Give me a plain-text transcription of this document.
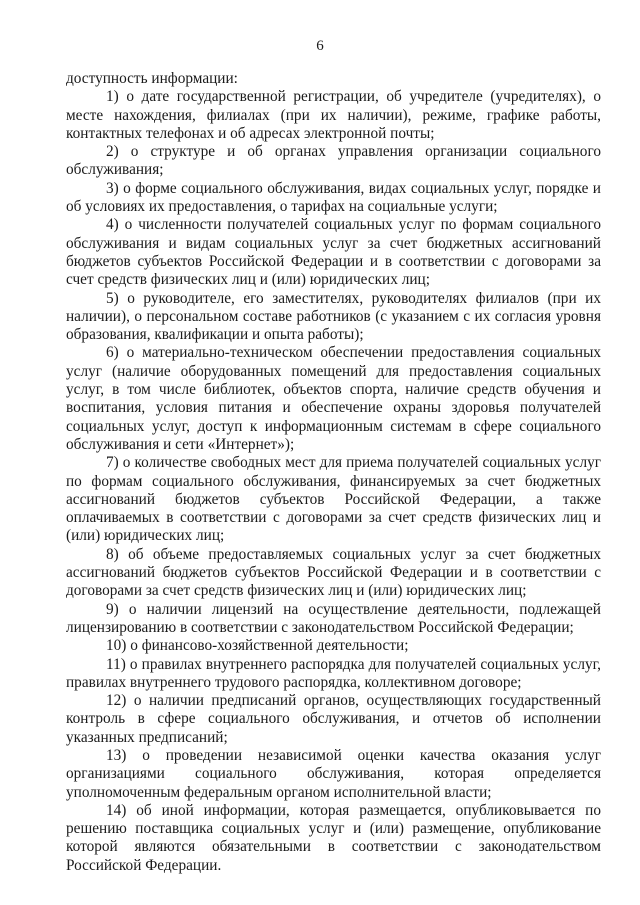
6

доступность информации:

1) о дате государственной регистрации, об учредителе (учредителях), о месте нахождения, филиалах (при их наличии), режиме, графике работы, контактных телефонах и об адресах электронной почты;

2) о структуре и об органах управления организации социального обслуживания;

3) о форме социального обслуживания, видах социальных услуг, порядке и об условиях их предоставления, о тарифах на социальные услуги;

4) о численности получателей социальных услуг по формам социального обслуживания и видам социальных услуг за счет бюджетных ассигнований бюджетов субъектов Российской Федерации и в соответствии с договорами за счет средств физических лиц и (или) юридических лиц;

5) о руководителе, его заместителях, руководителях филиалов (при их наличии), о персональном составе работников (с указанием с их согласия уровня образования, квалификации и опыта работы);

6) о материально-техническом обеспечении предоставления социальных услуг (наличие оборудованных помещений для предоставления социальных услуг, в том числе библиотек, объектов спорта, наличие средств обучения и воспитания, условия питания и обеспечение охраны здоровья получателей социальных услуг, доступ к информационным системам в сфере социального обслуживания и сети «Интернет»);

7) о количестве свободных мест для приема получателей социальных услуг по формам социального обслуживания, финансируемых за счет бюджетных ассигнований бюджетов субъектов Российской Федерации, а также оплачиваемых в соответствии с договорами за счет средств физических лиц и (или) юридических лиц;

8) об объеме предоставляемых социальных услуг за счет бюджетных ассигнований бюджетов субъектов Российской Федерации и в соответствии с договорами за счет средств физических лиц и (или) юридических лиц;

9) о наличии лицензий на осуществление деятельности, подлежащей лицензированию в соответствии с законодательством Российской Федерации;

10) о финансово-хозяйственной деятельности;

11) о правилах внутреннего распорядка для получателей социальных услуг, правилах внутреннего трудового распорядка, коллективном договоре;

12) о наличии предписаний органов, осуществляющих государственный контроль в сфере социального обслуживания, и отчетов об исполнении указанных предписаний;

13) о проведении независимой оценки качества оказания услуг организациями социального обслуживания, которая определяется уполномоченным федеральным органом исполнительной власти;

14) об иной информации, которая размещается, опубликовывается по решению поставщика социальных услуг и (или) размещение, опубликование которой являются обязательными в соответствии с законодательством Российской Федерации.
